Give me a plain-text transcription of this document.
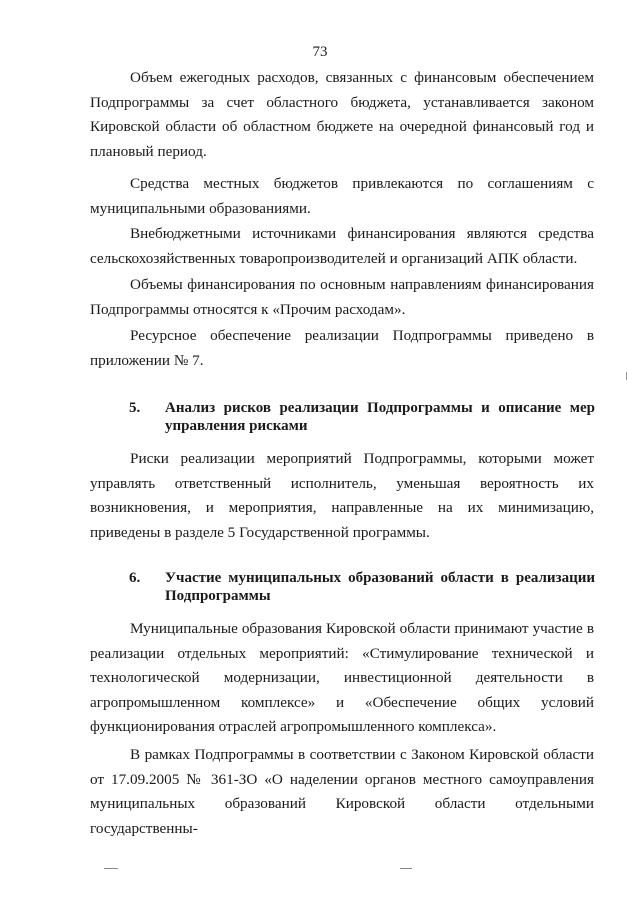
73
Объем ежегодных расходов, связанных с финансовым обеспечением Подпрограммы за счет областного бюджета, устанавливается законом Кировской области об областном бюджете на очередной финансовый год и плановый период.
Средства местных бюджетов привлекаются по соглашениям с муниципальными образованиями.
Внебюджетными источниками финансирования являются средства сельскохозяйственных товаропроизводителей и организаций АПК области.
Объемы финансирования по основным направлениям финансирования Подпрограммы относятся к «Прочим расходам».
Ресурсное обеспечение реализации Подпрограммы приведено в приложении № 7.
5. Анализ рисков реализации Подпрограммы и описание мер
управления рисками
Риски реализации мероприятий Подпрограммы, которыми может управлять ответственный исполнитель, уменьшая вероятность их возникновения, и мероприятия, направленные на их минимизацию, приведены в разделе 5 Государственной программы.
6. Участие муниципальных образований области в реализации
Подпрограммы
Муниципальные образования Кировской области принимают участие в реализации отдельных мероприятий: «Стимулирование технической и технологической модернизации, инвестиционной деятельности в агропромышленном комплексе» и «Обеспечение общих условий функционирования отраслей агропромышленного комплекса».
В рамках Подпрограммы в соответствии с Законом Кировской области от 17.09.2005 № 361-ЗО «О наделении органов местного самоуправления муниципальных образований Кировской области отдельными государственны-
